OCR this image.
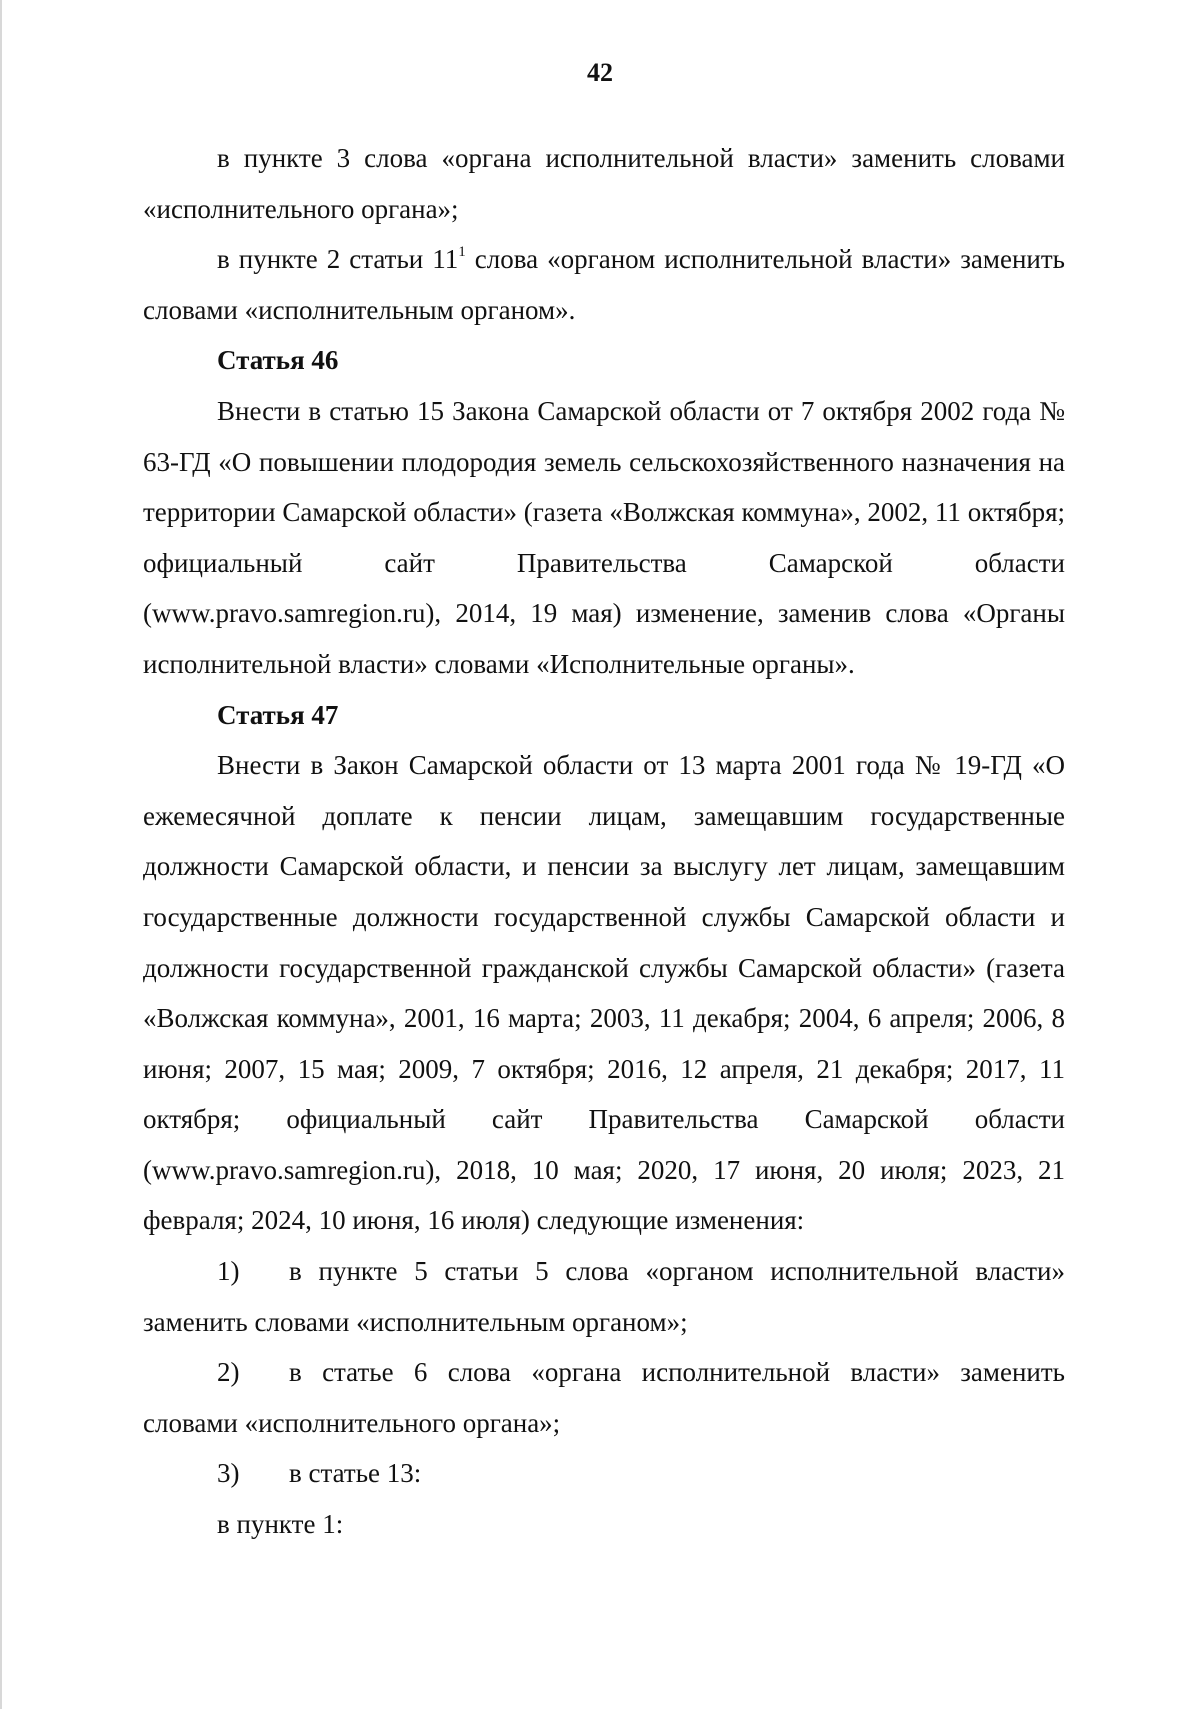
42

в пункте 3 слова «органа исполнительной власти» заменить словами «исполнительного органа»;

в пункте 2 статьи $11^1$ слова «органом исполнительной власти» заменить словами «исполнительным органом».

Статья 46

Внести в статью 15 Закона Самарской области от 7 октября 2002 года № 63-ГД «О повышении плодородия земель сельскохозяйственного назначения на территории Самарской области» (газета «Волжская коммуна», 2002, 11 октября; официальный сайт Правительства Самарской области (www.pravo.samregion.ru), 2014, 19 мая) изменение, заменив слова «Органы исполнительной власти» словами «Исполнительные органы».

Статья 47

Внести в Закон Самарской области от 13 марта 2001 года № 19-ГД «О ежемесячной доплате к пенсии лицам, замещавшим государственные должности Самарской области, и пенсии за выслугу лет лицам, замещавшим государственные должности государственной службы Самарской области и должности государственной гражданской службы Самарской области» (газета «Волжская коммуна», 2001, 16 марта; 2003, 11 декабря; 2004, 6 апреля; 2006, 8 июня; 2007, 15 мая; 2009, 7 октября; 2016, 12 апреля, 21 декабря; 2017, 11 октября; официальный сайт Правительства Самарской области (www.pravo.samregion.ru), 2018, 10 мая; 2020, 17 июня, 20 июля; 2023, 21 февраля; 2024, 10 июня, 16 июля) следующие изменения:

1) в пункте 5 статьи 5 слова «органом исполнительной власти» заменить словами «исполнительным органом»;

2) в статье 6 слова «органа исполнительной власти» заменить словами «исполнительного органа»;

3) в статье 13:

в пункте 1:
